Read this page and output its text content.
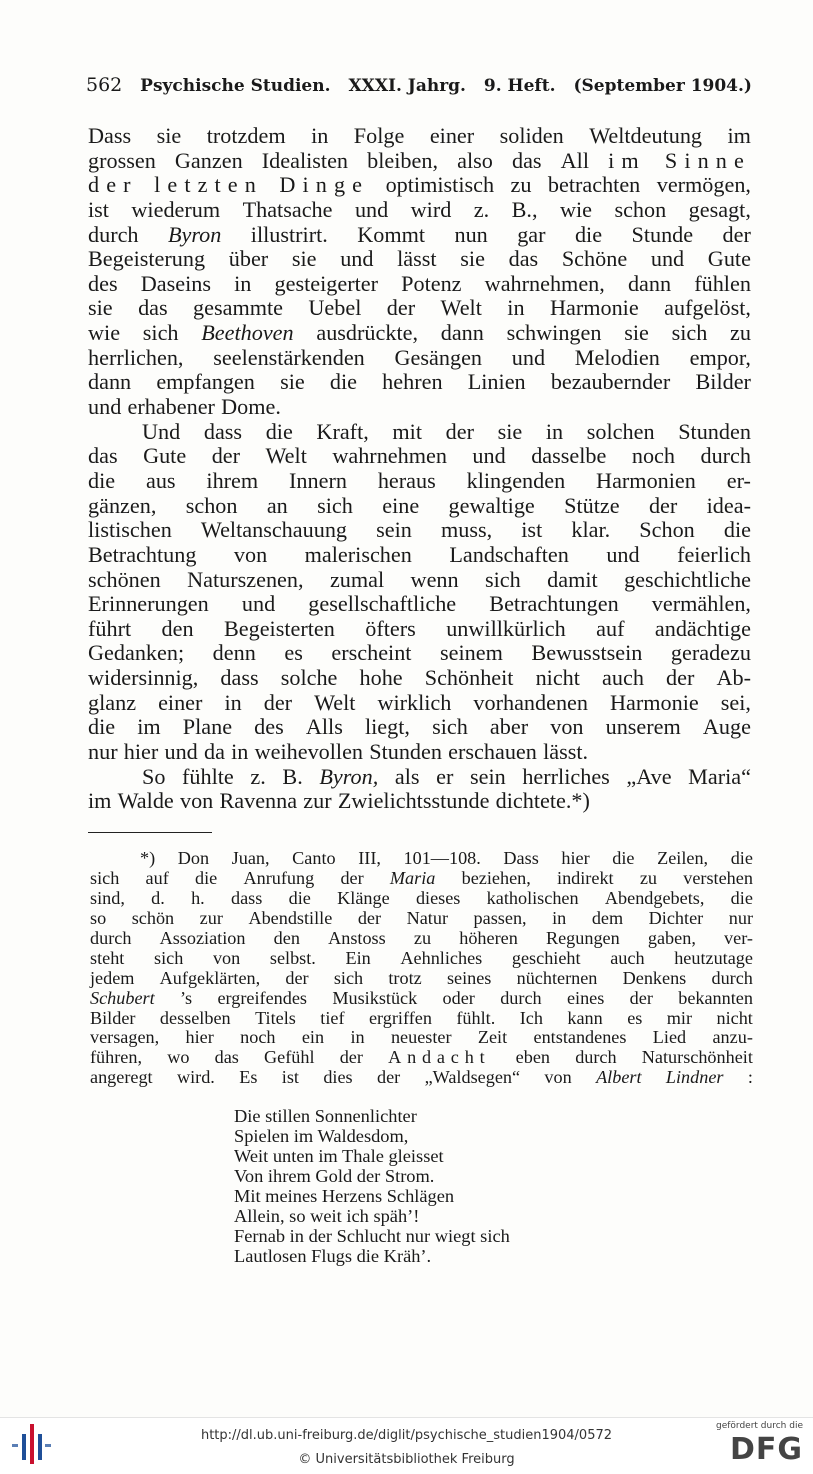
562 Psychische Studien. XXXI. Jahrg. 9. Heft. (September 1904.)
Dass sie trotzdem in Folge einer soliden Weltdeutung im
grossen Ganzen Idealisten bleiben, also das All im Sinne
der letzten Dinge optimistisch zu betrachten vermögen,
ist wiederum Thatsache und wird z. B., wie schon gesagt,
durch Byron illustrirt. Kommt nun gar die Stunde der
Begeisterung über sie und lässt sie das Schöne und Gute
des Daseins in gesteigerter Potenz wahrnehmen, dann fühlen
sie das gesammte Uebel der Welt in Harmonie aufgelöst,
wie sich Beethoven ausdrückte, dann schwingen sie sich zu
herrlichen, seelenstärkenden Gesängen und Melodien empor,
dann empfangen sie die hehren Linien bezaubernder Bilder
und erhabener Dome.
Und dass die Kraft, mit der sie in solchen Stunden
das Gute der Welt wahrnehmen und dasselbe noch durch
die aus ihrem Innern heraus klingenden Harmonien er-
gänzen, schon an sich eine gewaltige Stütze der idea-
listischen Weltanschauung sein muss, ist klar. Schon die
Betrachtung von malerischen Landschaften und feierlich
schönen Naturszenen, zumal wenn sich damit geschichtliche
Erinnerungen und gesellschaftliche Betrachtungen vermählen,
führt den Begeisterten öfters unwillkürlich auf andächtige
Gedanken; denn es erscheint seinem Bewusstsein geradezu
widersinnig, dass solche hohe Schönheit nicht auch der Ab-
glanz einer in der Welt wirklich vorhandenen Harmonie sei,
die im Plane des Alls liegt, sich aber von unserem Auge
nur hier und da in weihevollen Stunden erschauen lässt.
So fühlte z. B. Byron, als er sein herrliches „Ave Maria“
im Walde von Ravenna zur Zwielichtsstunde dichtete.*)
*) Don Juan, Canto III, 101—108. Dass hier die Zeilen, die
sich auf die Anrufung der Maria beziehen, indirekt zu verstehen
sind, d. h. dass die Klänge dieses katholischen Abendgebets, die
so schön zur Abendstille der Natur passen, in dem Dichter nur
durch Assoziation den Anstoss zu höheren Regungen gaben, ver-
steht sich von selbst. Ein Aehnliches geschieht auch heutzutage
jedem Aufgeklärten, der sich trotz seines nüchternen Denkens durch
Schubert ’s ergreifendes Musikstück oder durch eines der bekannten
Bilder desselben Titels tief ergriffen fühlt. Ich kann es mir nicht
versagen, hier noch ein in neuester Zeit entstandenes Lied anzu-
führen, wo das Gefühl der Andacht eben durch Naturschönheit
angeregt wird. Es ist dies der „Waldsegen“ von Albert Lindner :
Die stillen Sonnenlichter
Spielen im Waldesdom,
Weit unten im Thale gleisset
Von ihrem Gold der Strom.
Mit meines Herzens Schlägen
Allein, so weit ich späh’!
Fernab in der Schlucht nur wiegt sich
Lautlosen Flugs die Kräh’.
http://dl.ub.uni-freiburg.de/diglit/psychische_studien1904/0572
© Universitätsbibliothek Freiburg
gefördert durch die
DFG
